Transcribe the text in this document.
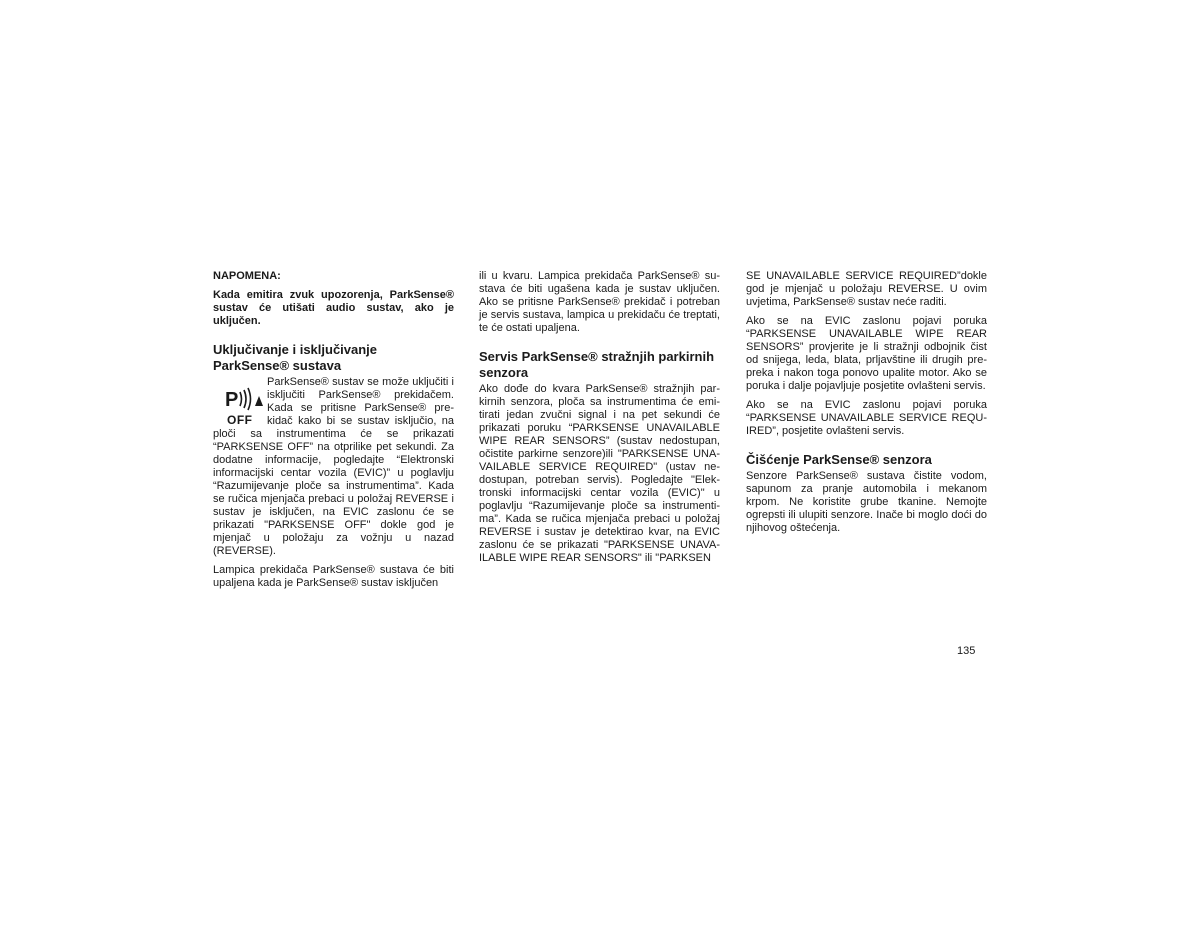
NAPOMENA:

Kada emitira zvuk upozorenja, ParkSense® sustav će utišati audio sustav, ako je uključen.

Uključivanje i isključivanje ParkSense® sustava
P
OFF

ParkSense® sustav se može uključiti i isključiti ParkSense® prekidačem. Kada se pritisne ParkSense® prekidač kako bi se sustav isključio, na ploči sa instrumentima će se prikazati “PARKSENSE OFF” na otprilike pet sekundi. Za dodatne informacije, pogledajte “Elektronski informacijski centar vozila (EVIC)” u poglavlju “Razumijevanje ploče sa instrumentima”. Kada se ručica mjenjača prebaci u položaj REVERSE i sustav je isključen, na EVIC zaslonu će se prikazati "PARKSENSE OFF" dokle god je mjenjač u položaju za vožnju u nazad (REVERSE).

Lampica prekidača ParkSense® sustava će biti upaljena kada je ParkSense® sustav isključen

ili u kvaru. Lampica prekidača ParkSense® sustava će biti ugašena kada je sustav uključen. Ako se pritisne ParkSense® prekidač i potreban je servis sustava, lampica u prekidaču će treptati, te će ostati upaljena.

Servis ParkSense® stražnjih parkirnih senzora

Ako dođe do kvara ParkSense® stražnjih parkirnih senzora, ploča sa instrumentima će emitirati jedan zvučni signal i na pet sekundi će prikazati poruku “PARKSENSE UNAVAILABLE WIPE REAR SENSORS” (sustav nedostupan, očistite parkirne senzore)ili "PARKSENSE UNAVAILABLE SERVICE REQUIRED" (ustav nedostupan, potreban servis). Pogledajte "Elektronski informacijski centar vozila (EVIC)" u poglavlju “Razumijevanje ploče sa instrumentima”. Kada se ručica mjenjača prebaci u položaj REVERSE i sustav je detektirao kvar, na EVIC zaslonu će se prikazati "PARKSENSE UNAVAILABLE WIPE REAR SENSORS" ili "PARKSEN

SE UNAVAILABLE SERVICE REQUIRED”dokle god je mjenjač u položaju REVERSE. U ovim uvjetima, ParkSense® sustav neće raditi.

Ako se na EVIC zaslonu pojavi poruka “PARKSENSE UNAVAILABLE WIPE REAR SENSORS” provjerite je li stražnji odbojnik čist od snijega, leda, blata, prljavštine ili drugih prepreka i nakon toga ponovo upalite motor. Ako se poruka i dalje pojavljuje posjetite ovlašteni servis.

Ako se na EVIC zaslonu pojavi poruka “PARKSENSE UNAVAILABLE SERVICE REQUIRED”, posjetite ovlašteni servis.

Čišćenje ParkSense® senzora

Senzore ParkSense® sustava čistite vodom, sapunom za pranje automobila i mekanom krpom. Ne koristite grube tkanine. Nemojte ogrepsti ili ulupiti senzore. Inače bi moglo doći do njihovog oštećenja.

135
